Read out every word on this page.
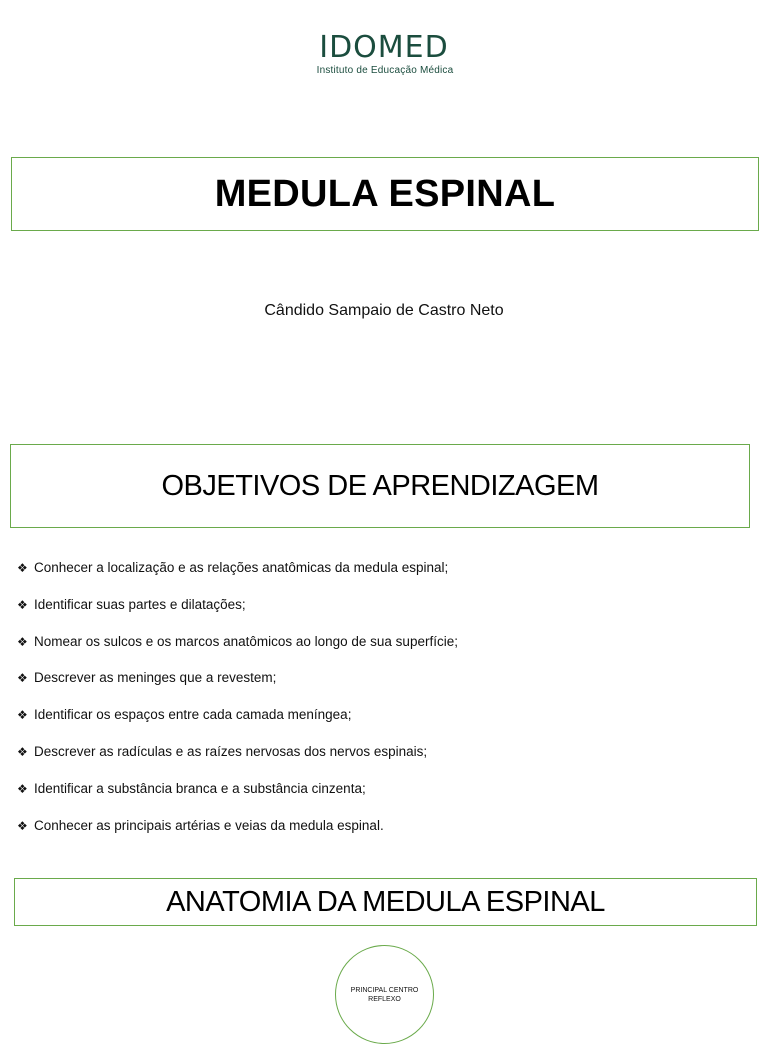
IDOMED
Instituto de Educação Médica
MEDULA ESPINAL
Cândido Sampaio de Castro Neto
OBJETIVOS DE APRENDIZAGEM
❖ Conhecer a localização e as relações anatômicas da medula espinal;
❖ Identificar suas partes e dilatações;
❖ Nomear os sulcos e os marcos anatômicos ao longo de sua superfície;
❖ Descrever as meninges que a revestem;
❖ Identificar os espaços entre cada camada meníngea;
❖ Descrever as radículas e as raízes nervosas dos nervos espinais;
❖ Identificar a substância branca e a substância cinzenta;
❖ Conhecer as principais artérias e veias da medula espinal.
ANATOMIA DA MEDULA ESPINAL
PRINCIPAL CENTRO REFLEXO
